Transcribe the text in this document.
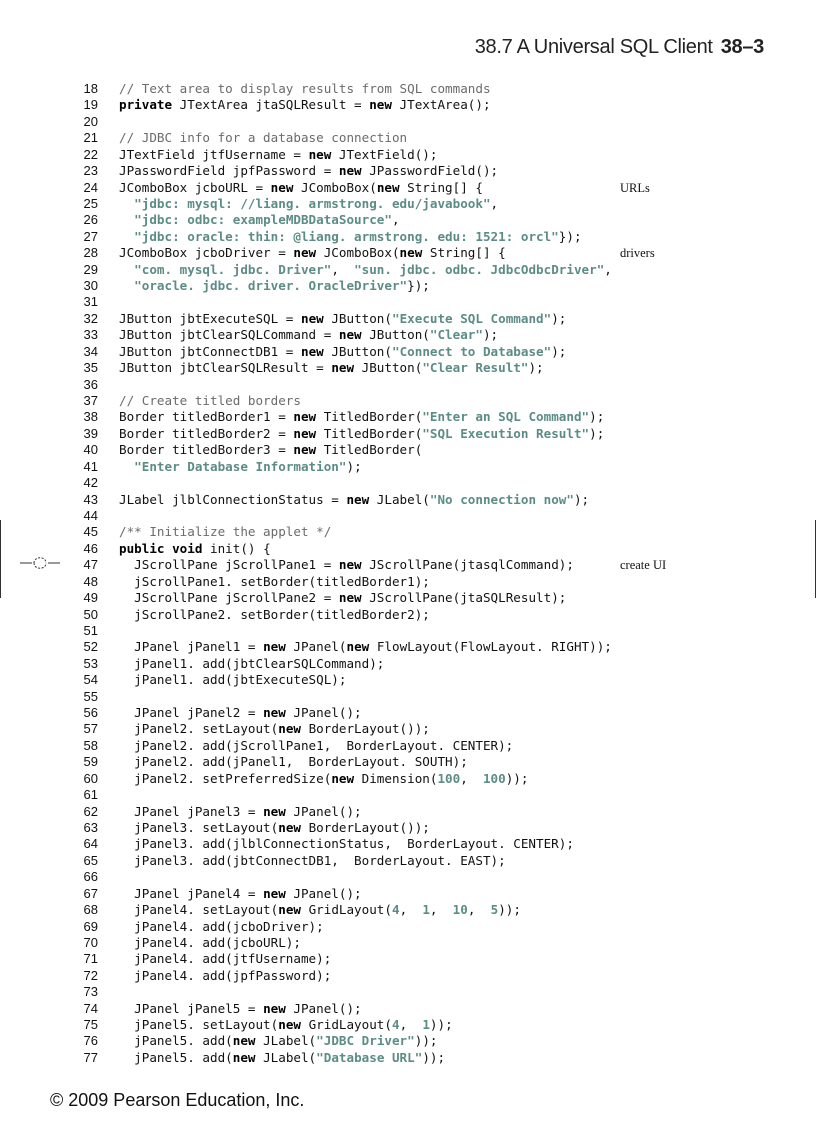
38.7 A Universal SQL Client 38–3
18 // Text area to display results from SQL commands
19 private JTextArea jtaSQLResult = new JTextArea();
20
21 // JDBC info for a database connection
22 JTextField jtfUsername = new JTextField();
23 JPasswordField jpfPassword = new JPasswordField();
24 JComboBox jcboURL = new JComboBox(new String[] {	URLs
25	"jdbc: mysql: //liang. armstrong. edu/javabook",
26	"jdbc: odbc: exampleMDBDataSource",
27	"jdbc: oracle: thin: @liang. armstrong. edu: 1521: orcl"});
28 JComboBox jcboDriver = new JComboBox(new String[] {	drivers
29	"com. mysql. jdbc. Driver",  "sun. jdbc. odbc. JdbcOdbcDriver",
30	"oracle. jdbc. driver. OracleDriver"});
31
32 JButton jbtExecuteSQL = new JButton("Execute SQL Command");
33 JButton jbtClearSQLCommand = new JButton("Clear");
34 JButton jbtConnectDB1 = new JButton("Connect to Database");
35 JButton jbtClearSQLResult = new JButton("Clear Result");
36
37 // Create titled borders
38 Border titledBorder1 = new TitledBorder("Enter an SQL Command");
39 Border titledBorder2 = new TitledBorder("SQL Execution Result");
40 Border titledBorder3 = new TitledBorder(
41	"Enter Database Information");
42
43 JLabel jlblConnectionStatus = new JLabel("No connection now");
44
45 /** Initialize the applet */
46 public void init() {
47 JScrollPane jScrollPane1 = new JScrollPane(jtasqlCommand);	create UI
48 jScrollPane1. setBorder(titledBorder1);
49 JScrollPane jScrollPane2 = new JScrollPane(jtaSQLResult);
50 jScrollPane2. setBorder(titledBorder2);
51
52 JPanel jPanel1 = new JPanel(new FlowLayout(FlowLayout. RIGHT));
53 jPanel1. add(jbtClearSQLCommand);
54 jPanel1. add(jbtExecuteSQL);
55
56 JPanel jPanel2 = new JPanel();
57 jPanel2. setLayout(new BorderLayout());
58 jPanel2. add(jScrollPane1,  BorderLayout. CENTER);
59 jPanel2. add(jPanel1,  BorderLayout. SOUTH);
60 jPanel2. setPreferredSize(new Dimension(100,  100));
61
62 JPanel jPanel3 = new JPanel();
63 jPanel3. setLayout(new BorderLayout());
64 jPanel3. add(jlblConnectionStatus,  BorderLayout. CENTER);
65 jPanel3. add(jbtConnectDB1,  BorderLayout. EAST);
66
67 JPanel jPanel4 = new JPanel();
68 jPanel4. setLayout(new GridLayout(4,  1,  10,  5));
69 jPanel4. add(jcboDriver);
70 jPanel4. add(jcboURL);
71 jPanel4. add(jtfUsername);
72 jPanel4. add(jpfPassword);
73
74 JPanel jPanel5 = new JPanel();
75 jPanel5. setLayout(new GridLayout(4,  1));
76 jPanel5. add(new JLabel("JDBC Driver"));
77 jPanel5. add(new JLabel("Database URL"));
© 2009 Pearson Education, Inc.
